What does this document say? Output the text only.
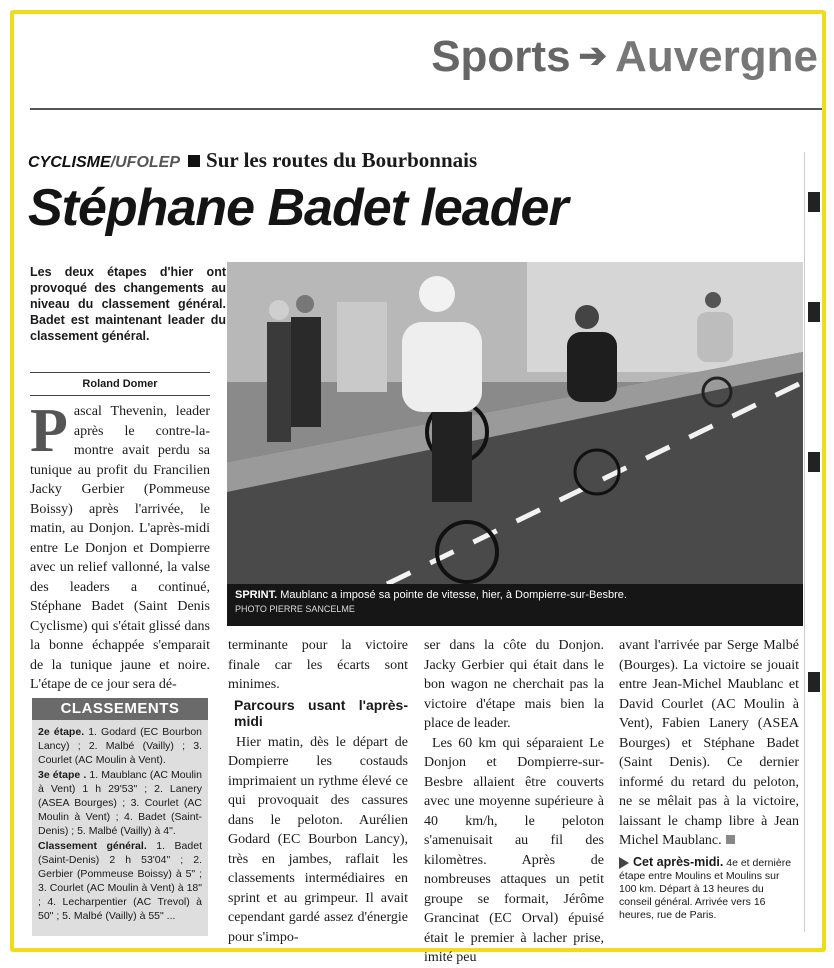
Sports ➔ Auvergne
CYCLISME/UFOLEP Sur les routes du Bourbonnais
Stéphane Badet leader
Les deux étapes d'hier ont provoqué des changements au niveau du classement général. Badet est maintenant leader du classement général.
Roland Domer
Pascal Thevenin, leader après le contre-la-montre avait perdu sa tunique au profit du Francilien Jacky Gerbier (Pommeuse Boissy) après l'arrivée, le matin, au Donjon. L'après-midi entre Le Donjon et Dompierre avec un relief vallonné, la valse des leaders a continué, Stéphane Badet (Saint Denis Cyclisme) qui s'était glissé dans la bonne échappée s'emparait de la tunique jaune et noire. L'étape de ce jour sera dé-
SPRINT. Maublanc a imposé sa pointe de vitesse, hier, à Dompierre-sur-Besbre.
PHOTO PIERRE SANCELME

terminante pour la victoire finale car les écarts sont minimes.

Parcours usant l'après-midi

Hier matin, dès le départ de Dompierre les costauds imprimaient un rythme élevé ce qui provoquait des cassures dans le peloton. Aurélien Godard (EC Bourbon Lancy), très en jambes, raflait les classements intermédiaires en sprint et au grimpeur. Il avait cependant gardé assez d'énergie pour s'impo-

ser dans la côte du Donjon. Jacky Gerbier qui était dans le bon wagon ne cherchait pas la victoire d'étape mais bien la place de leader.

Les 60 km qui séparaient Le Donjon et Dompierre-sur-Besbre allaient être couverts avec une moyenne supérieure à 40 km/h, le peloton s'amenuisait au fil des kilomètres. Après de nombreuses attaques un petit groupe se formait, Jérôme Grancinat (EC Orval) épuisé était le premier à lacher prise, imité peu

avant l'arrivée par Serge Malbé (Bourges). La victoire se jouait entre Jean-Michel Maublanc et David Courlet (AC Moulin à Vent), Fabien Lanery (ASEA Bourges) et Stéphane Badet (Saint Denis). Ce dernier informé du retard du peloton, ne se mêlait pas à la victoire, laissant le champ libre à Jean Michel Maublanc.

CLASSEMENTS

2e étape. 1. Godard (EC Bourbon Lancy) ; 2. Malbé (Vailly) ; 3. Courlet (AC Moulin à Vent).

3e étape . 1. Maublanc (AC Moulin à Vent) 1 h 29'53" ; 2. Lanery (ASEA Bourges) ; 3. Courlet (AC Moulin à Vent) ; 4. Badet (Saint-Denis) ; 5. Malbé (Vailly) à 4".

Classement général. 1. Badet (Saint-Denis) 2 h 53'04" ; 2. Gerbier (Pommeuse Boissy) à 5" ; 3. Courlet (AC Moulin à Vent) à 18" ; 4. Lecharpentier (AC Trevol) à 50" ; 5. Malbé (Vailly) à 55" ...

Cet après-midi. 4e et dernière étape entre Moulins et Moulins sur 100 km. Départ à 13 heures du conseil général. Arrivée vers 16 heures, rue de Paris.
